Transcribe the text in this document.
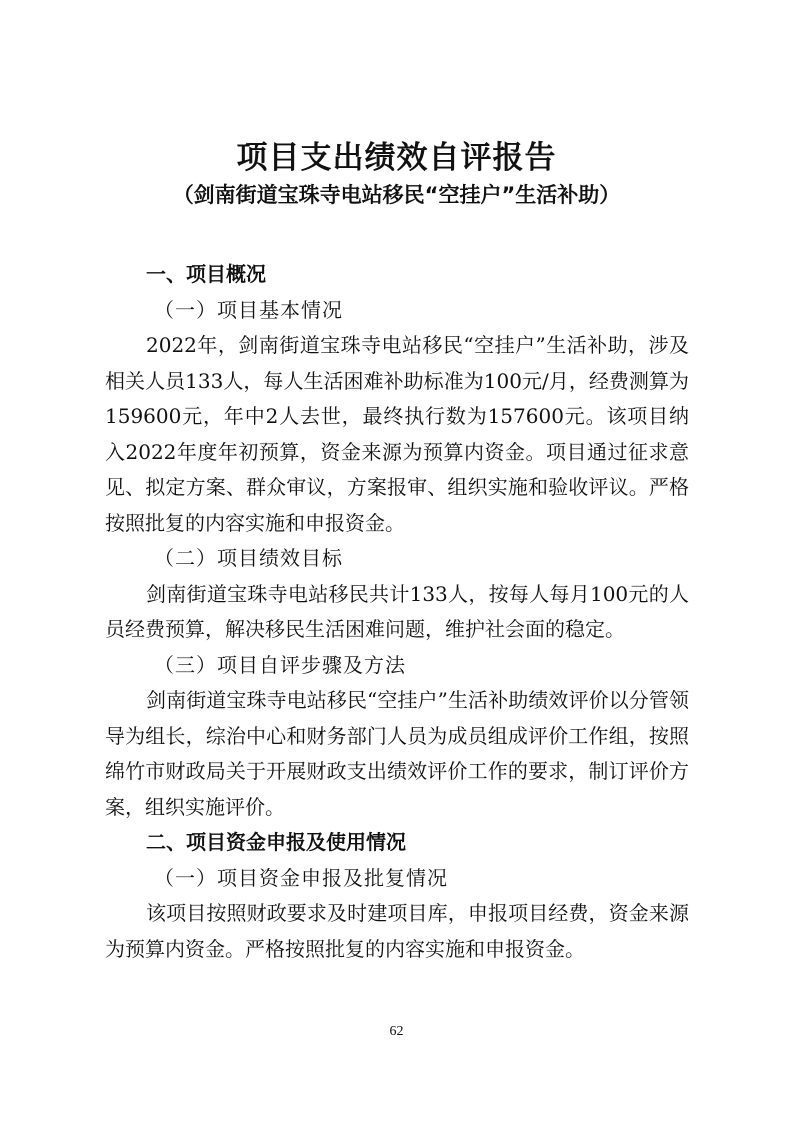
项目支出绩效自评报告
（剑南街道宝珠寺电站移民“空挂户”生活补助）
一、项目概况
（一）项目基本情况

2022年，剑南街道宝珠寺电站移民“空挂户”生活补助，涉及相关人员133人，每人生活困难补助标准为100元/月，经费测算为159600元，年中2人去世，最终执行数为157600元。该项目纳入2022年度年初预算，资金来源为预算内资金。项目通过征求意见、拟定方案、群众审议，方案报审、组织实施和验收评议。严格按照批复的内容实施和申报资金。

（二）项目绩效目标

剑南街道宝珠寺电站移民共计133人，按每人每月100元的人员经费预算，解决移民生活困难问题，维护社会面的稳定。

（三）项目自评步骤及方法

剑南街道宝珠寺电站移民“空挂户”生活补助绩效评价以分管领导为组长，综治中心和财务部门人员为成员组成评价工作组，按照绵竹市财政局关于开展财政支出绩效评价工作的要求，制订评价方案，组织实施评价。

二、项目资金申报及使用情况
（一）项目资金申报及批复情况

该项目按照财政要求及时建项目库，申报项目经费，资金来源为预算内资金。严格按照批复的内容实施和申报资金。

62
